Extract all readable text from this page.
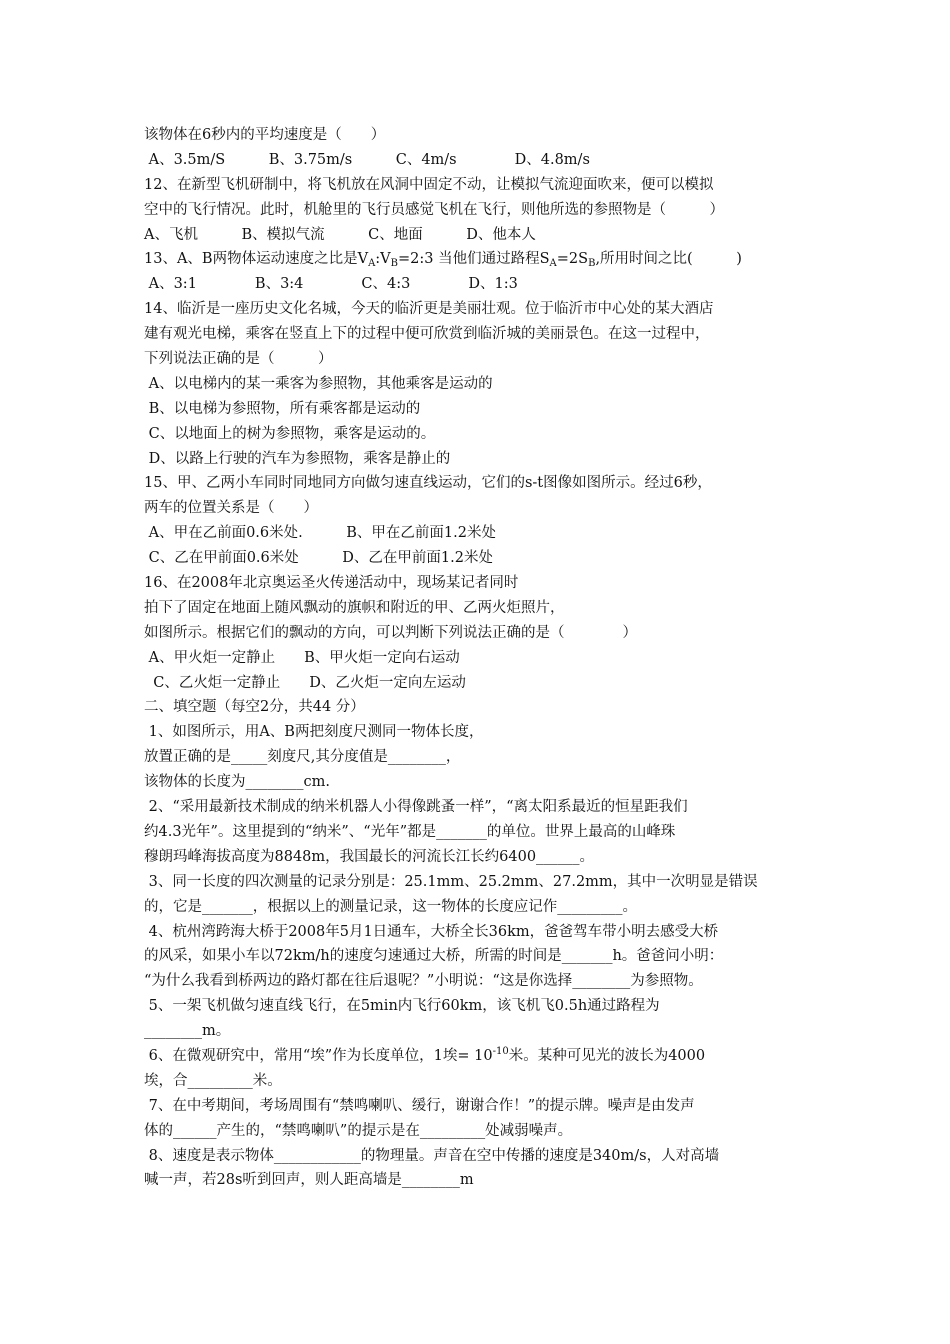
该物体在6秒内的平均速度是（　　）
A、3.5m/S　　　B、3.75m/s　　　C、4m/s　　　　D、4.8m/s
12、在新型飞机研制中，将飞机放在风洞中固定不动，让模拟气流迎面吹来，便可以模拟
空中的飞行情况。此时，机舱里的飞行员感觉飞机在飞行，则他所选的参照物是（　　　）
A、飞机　　　B、模拟气流　　　C、地面　　　D、他本人
13、A、B两物体运动速度之比是$V_A:V_B=2:3$ 当他们通过路程$S_A=2S_B$,所用时间之比(　　　)
A、3:1　　　　B、3:4　　　　C、4:3　　　　D、1:3
14、临沂是一座历史文化名城，今天的临沂更是美丽壮观。位于临沂市中心处的某大酒店
建有观光电梯，乘客在竖直上下的过程中便可欣赏到临沂城的美丽景色。在这一过程中，
下列说法正确的是（　　　）
A、以电梯内的某一乘客为参照物，其他乘客是运动的
B、以电梯为参照物，所有乘客都是运动的
C、以地面上的树为参照物，乘客是运动的。
D、以路上行驶的汽车为参照物，乘客是静止的
15、甲、乙两小车同时同地同方向做匀速直线运动，它们的s-t图像如图所示。经过6秒，
两车的位置关系是（　　）
A、甲在乙前面0.6米处.　　　B、甲在乙前面1.2米处
C、乙在甲前面0.6米处　　　D、乙在甲前面1.2米处
16、在2008年北京奥运圣火传递活动中，现场某记者同时
拍下了固定在地面上随风飘动的旗帜和附近的甲、乙两火炬照片，
如图所示。根据它们的飘动的方向，可以判断下列说法正确的是（　　　　）
A、甲火炬一定静止　　B、甲火炬一定向右运动
C、乙火炬一定静止　　D、乙火炬一定向左运动
二、填空题（每空2分，共44 分）
1、如图所示，用A、B两把刻度尺测同一物体长度，
放置正确的是_____刻度尺,其分度值是________，
该物体的长度为________cm.
2、“采用最新技术制成的纳米机器人小得像跳蚤一样”，“离太阳系最近的恒星距我们
约4.3光年”。这里提到的“纳米”、“光年”都是_______的单位。世界上最高的山峰珠
穆朗玛峰海拔高度为8848m，我国最长的河流长江长约6400______。
3、同一长度的四次测量的记录分别是：25.1mm、25.2mm、27.2mm，其中一次明显是错误
的，它是_______，根据以上的测量记录，这一物体的长度应记作_________。
4、杭州湾跨海大桥于2008年5月1日通车，大桥全长36km，爸爸驾车带小明去感受大桥
的风采，如果小车以72km/h的速度匀速通过大桥，所需的时间是_______h。爸爸问小明：
“为什么我看到桥两边的路灯都在往后退呢？”小明说：“这是你选择________为参照物。
5、一架飞机做匀速直线飞行，在5min内飞行60km，该飞机飞0.5h通过路程为
________m。
6、在微观研究中，常用“埃”作为长度单位，1埃= $10^{-10}$米。某种可见光的波长为4000
埃，合_________米。
7、在中考期间，考场周围有“禁鸣喇叭、缓行，谢谢合作！”的提示牌。噪声是由发声
体的______产生的，“禁鸣喇叭”的提示是在_________处减弱噪声。
8、速度是表示物体____________的物理量。声音在空中传播的速度是340m/s，人对高墙
喊一声，若28s听到回声，则人距高墙是________m
